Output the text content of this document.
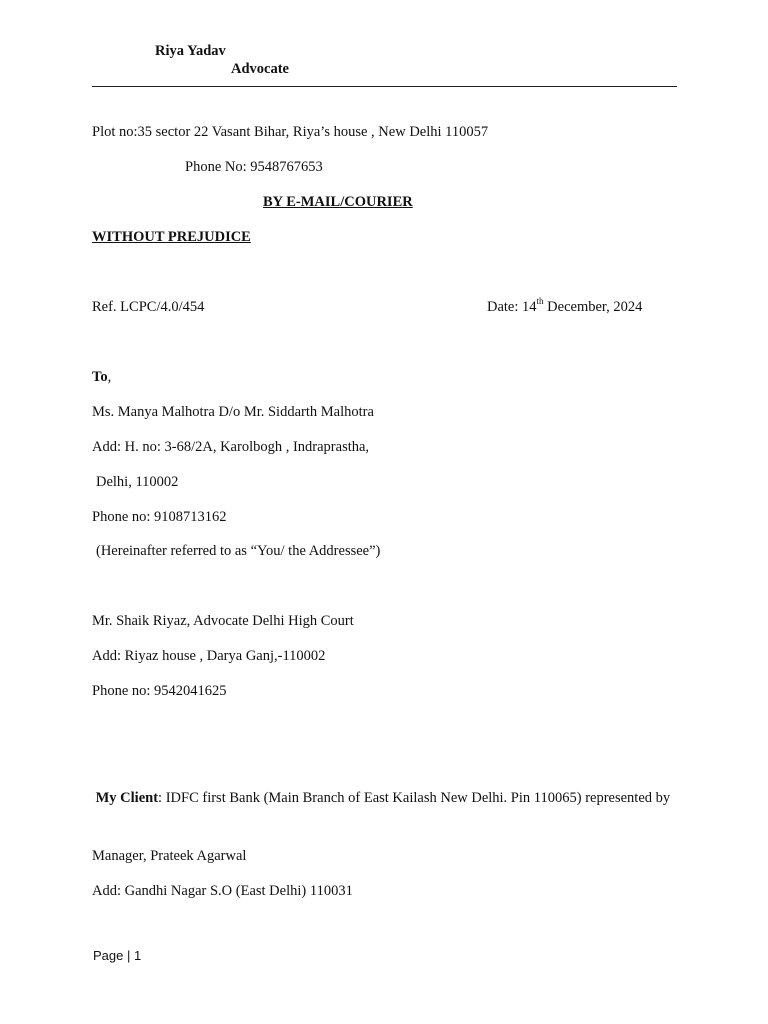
Riya Yadav
Advocate
Plot no:35 sector 22 Vasant Bihar, Riya’s house , New Delhi 110057
Phone No: 9548767653
BY E-MAIL/COURIER
WITHOUT PREJUDICE
Ref. LCPC/4.0/454	Date: 14th December, 2024
To,
Ms. Manya Malhotra D/o Mr. Siddarth Malhotra
Add: H. no: 3-68/2A, Karolbogh , Indraprastha,
Delhi, 110002
Phone no: 9108713162
(Hereinafter referred to as “You/ the Addressee”)
Mr. Shaik Riyaz, Advocate Delhi High Court
Add: Riyaz house , Darya Ganj,-110002
Phone no: 9542041625
My Client: IDFC first Bank (Main Branch of East Kailash New Delhi. Pin 110065) represented by
Manager, Prateek Agarwal
Add: Gandhi Nagar S.O (East Delhi) 110031
Page | 1
